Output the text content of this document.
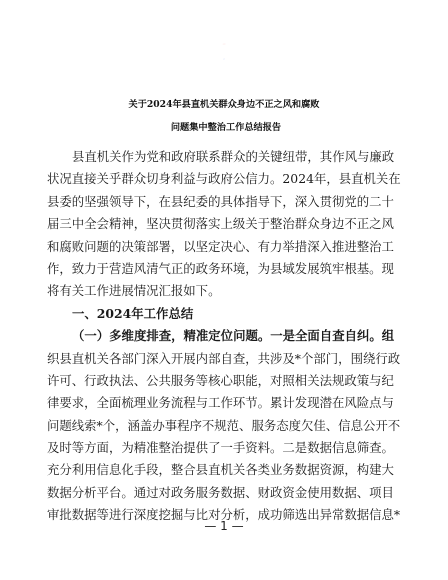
关于2024年县直机关群众身边不正之风和腐败
问题集中整治工作总结报告
县直机关作为党和政府联系群众的关键纽带，其作风与廉政
状况直接关乎群众切身利益与政府公信力。2024年，县直机关在
县委的坚强领导下，在县纪委的具体指导下，深入贯彻党的二十
届三中全会精神，坚决贯彻落实上级关于整治群众身边不正之风
和腐败问题的决策部署，以坚定决心、有力举措深入推进整治工
作，致力于营造风清气正的政务环境，为县域发展筑牢根基。现
将有关工作进展情况汇报如下。
一、2024年工作总结
（一）多维度排查，精准定位问题。一是全面自查自纠。组
织县直机关各部门深入开展内部自查，共涉及*个部门，围绕行政
许可、行政执法、公共服务等核心职能，对照相关法规政策与纪
律要求，全面梳理业务流程与工作环节。累计发现潜在风险点与
问题线索*个，涵盖办事程序不规范、服务态度欠佳、信息公开不
及时等方面，为精准整治提供了一手资料。二是数据信息筛查。
充分利用信息化手段，整合县直机关各类业务数据资源，构建大
数据分析平台。通过对政务服务数据、财政资金使用数据、项目
审批数据等进行深度挖掘与比对分析，成功筛选出异常数据信息*
— 1 —
